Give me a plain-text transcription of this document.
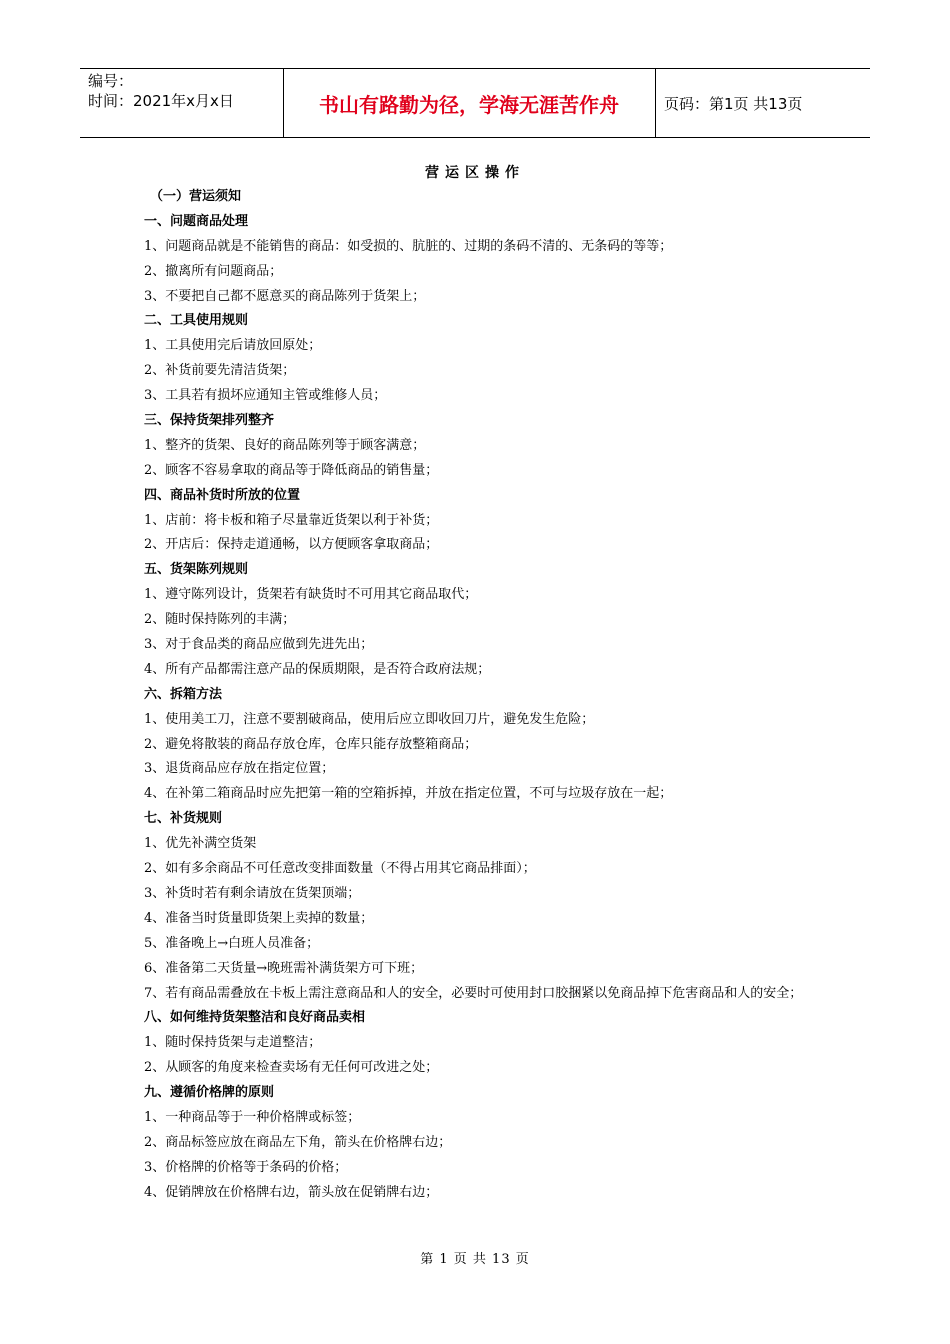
编号：
时间：2021年x月x日	书山有路勤为径，学海无涯苦作舟	页码：第1页 共13页
营运区操作
（一）营运须知
一、问题商品处理
1、问题商品就是不能销售的商品：如受损的、肮脏的、过期的条码不清的、无条码的等等；
2、撤离所有问题商品；
3、不要把自己都不愿意买的商品陈列于货架上；
二、工具使用规则
1、工具使用完后请放回原处；
2、补货前要先清洁货架；
3、工具若有损坏应通知主管或维修人员；
三、保持货架排列整齐
1、整齐的货架、良好的商品陈列等于顾客满意；
2、顾客不容易拿取的商品等于降低商品的销售量；
四、商品补货时所放的位置
1、店前：将卡板和箱子尽量靠近货架以利于补货；
2、开店后：保持走道通畅，以方便顾客拿取商品；
五、货架陈列规则
1、遵守陈列设计，货架若有缺货时不可用其它商品取代；
2、随时保持陈列的丰满；
3、对于食品类的商品应做到先进先出；
4、所有产品都需注意产品的保质期限，是否符合政府法规；
六、拆箱方法
1、使用美工刀，注意不要割破商品，使用后应立即收回刀片，避免发生危险；
2、避免将散装的商品存放仓库，仓库只能存放整箱商品；
3、退货商品应存放在指定位置；
4、在补第二箱商品时应先把第一箱的空箱拆掉，并放在指定位置，不可与垃圾存放在一起；
七、补货规则
1、优先补满空货架
2、如有多余商品不可任意改变排面数量（不得占用其它商品排面）；
3、补货时若有剩余请放在货架顶端；
4、准备当时货量即货架上卖掉的数量；
5、准备晚上→白班人员准备；
6、准备第二天货量→晚班需补满货架方可下班；
7、若有商品需叠放在卡板上需注意商品和人的安全，必要时可使用封口胶捆紧以免商品掉下危害商品和人的安全；
八、如何维持货架整洁和良好商品卖相
1、随时保持货架与走道整洁；
2、从顾客的角度来检查卖场有无任何可改进之处；
九、遵循价格牌的原则
1、一种商品等于一种价格牌或标签；
2、商品标签应放在商品左下角，箭头在价格牌右边；
3、价格牌的价格等于条码的价格；
4、促销牌放在价格牌右边，箭头放在促销牌右边；
第 1 页 共 13 页
